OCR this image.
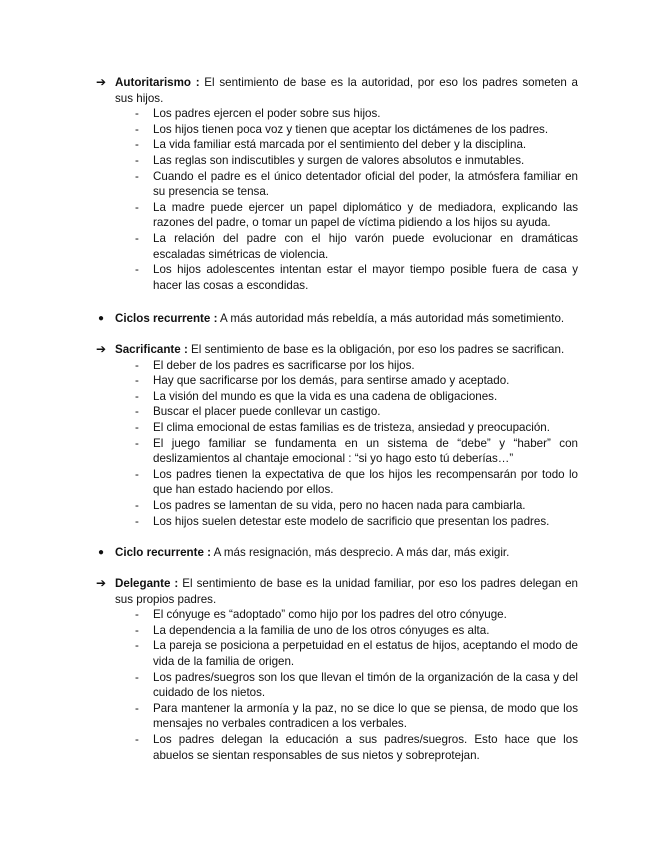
➔ Autoritarismo : El sentimiento de base es la autoridad, por eso los padres someten a sus hijos.
- Los padres ejercen el poder sobre sus hijos.
- Los hijos tienen poca voz y tienen que aceptar los dictámenes de los padres.
- La vida familiar está marcada por el sentimiento del deber y la disciplina.
- Las reglas son indiscutibles y surgen de valores absolutos e inmutables.
- Cuando el padre es el único detentador oficial del poder, la atmósfera familiar en su presencia se tensa.
- La madre puede ejercer un papel diplomático y de mediadora, explicando las razones del padre, o tomar un papel de víctima pidiendo a los hijos su ayuda.
- La relación del padre con el hijo varón puede evolucionar en dramáticas escaladas simétricas de violencia.
- Los hijos adolescentes intentan estar el mayor tiempo posible fuera de casa y hacer las cosas a escondidas.
● Ciclos recurrente : A más autoridad más rebeldía, a más autoridad más sometimiento.
➔ Sacrificante : El sentimiento de base es la obligación, por eso los padres se sacrifican.
- El deber de los padres es sacrificarse por los hijos.
- Hay que sacrificarse por los demás, para sentirse amado y aceptado.
- La visión del mundo es que la vida es una cadena de obligaciones.
- Buscar el placer puede conllevar un castigo.
- El clima emocional de estas familias es de tristeza, ansiedad y preocupación.
- El juego familiar se fundamenta en un sistema de “debe” y “haber” con deslizamientos al chantaje emocional : “si yo hago esto tú deberías…”
- Los padres tienen la expectativa de que los hijos les recompensarán por todo lo que han estado haciendo por ellos.
- Los padres se lamentan de su vida, pero no hacen nada para cambiarla.
- Los hijos suelen detestar este modelo de sacrificio que presentan los padres.
● Ciclo recurrente : A más resignación, más desprecio. A más dar, más exigir.
➔ Delegante : El sentimiento de base es la unidad familiar, por eso los padres delegan en sus propios padres.
- El cónyuge es “adoptado” como hijo por los padres del otro cónyuge.
- La dependencia a la familia de uno de los otros cónyuges es alta.
- La pareja se posiciona a perpetuidad en el estatus de hijos, aceptando el modo de vida de la familia de origen.
- Los padres/suegros son los que llevan el timón de la organización de la casa y del cuidado de los nietos.
- Para mantener la armonía y la paz, no se dice lo que se piensa, de modo que los mensajes no verbales contradicen a los verbales.
- Los padres delegan la educación a sus padres/suegros. Esto hace que los abuelos se sientan responsables de sus nietos y sobreprotejan.
